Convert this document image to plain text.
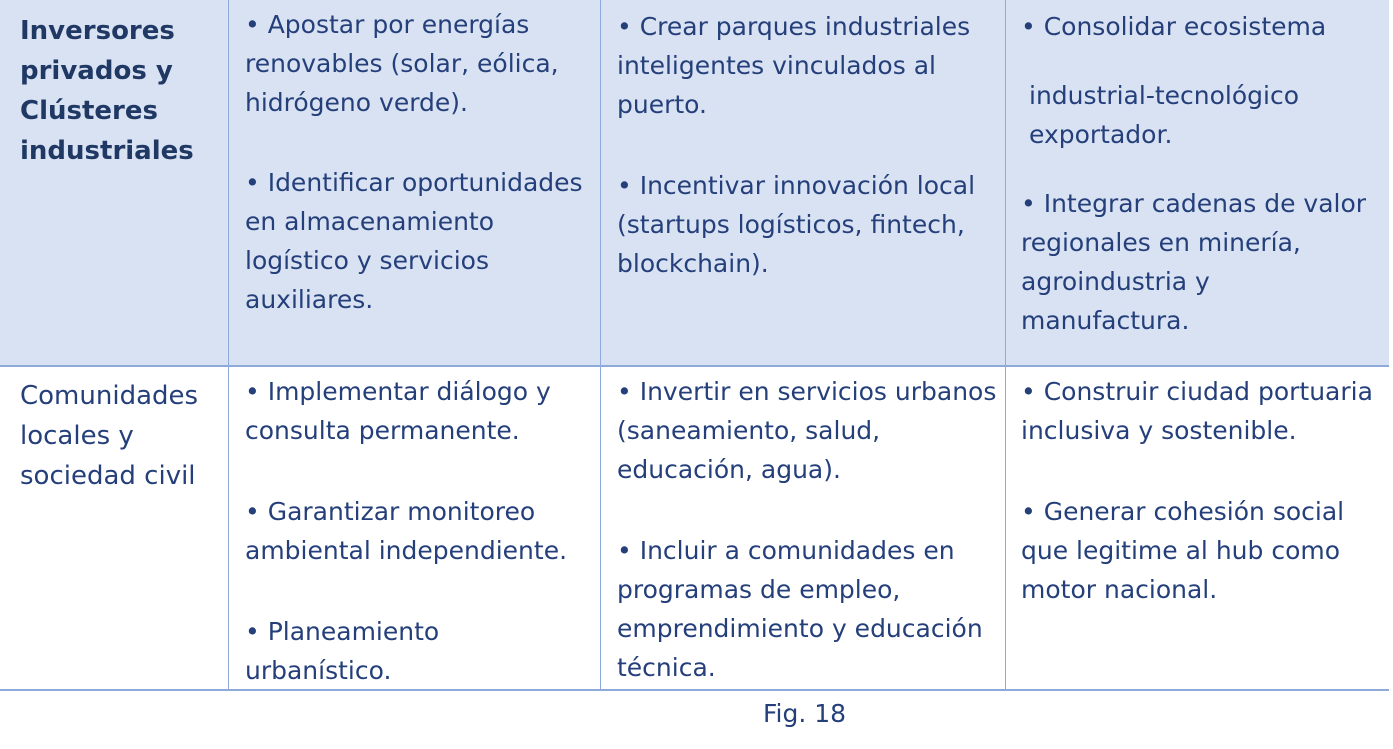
Inversores privados y Clústeres industriales

• Apostar por energías renovables (solar, eólica, hidrógeno verde).

• Identificar oportunidades en almacenamiento logístico y servicios auxiliares.

• Crear parques industriales inteligentes vinculados al puerto.

• Incentivar innovación local (startups logísticos, fintech, blockchain).

• Consolidar ecosistema

industrial-tecnológico exportador.

• Integrar cadenas de valor regionales en minería, agroindustria y manufactura.

Comunidades locales y sociedad civil

• Implementar diálogo y consulta permanente.

• Garantizar monitoreo ambiental independiente.

• Planeamiento urbanístico.

• Invertir en servicios urbanos (saneamiento, salud, educación, agua).

• Incluir a comunidades en programas de empleo, emprendimiento y educación técnica.

• Construir ciudad portuaria inclusiva y sostenible.

• Generar cohesión social que legitime al hub como motor nacional.

Fig. 18
